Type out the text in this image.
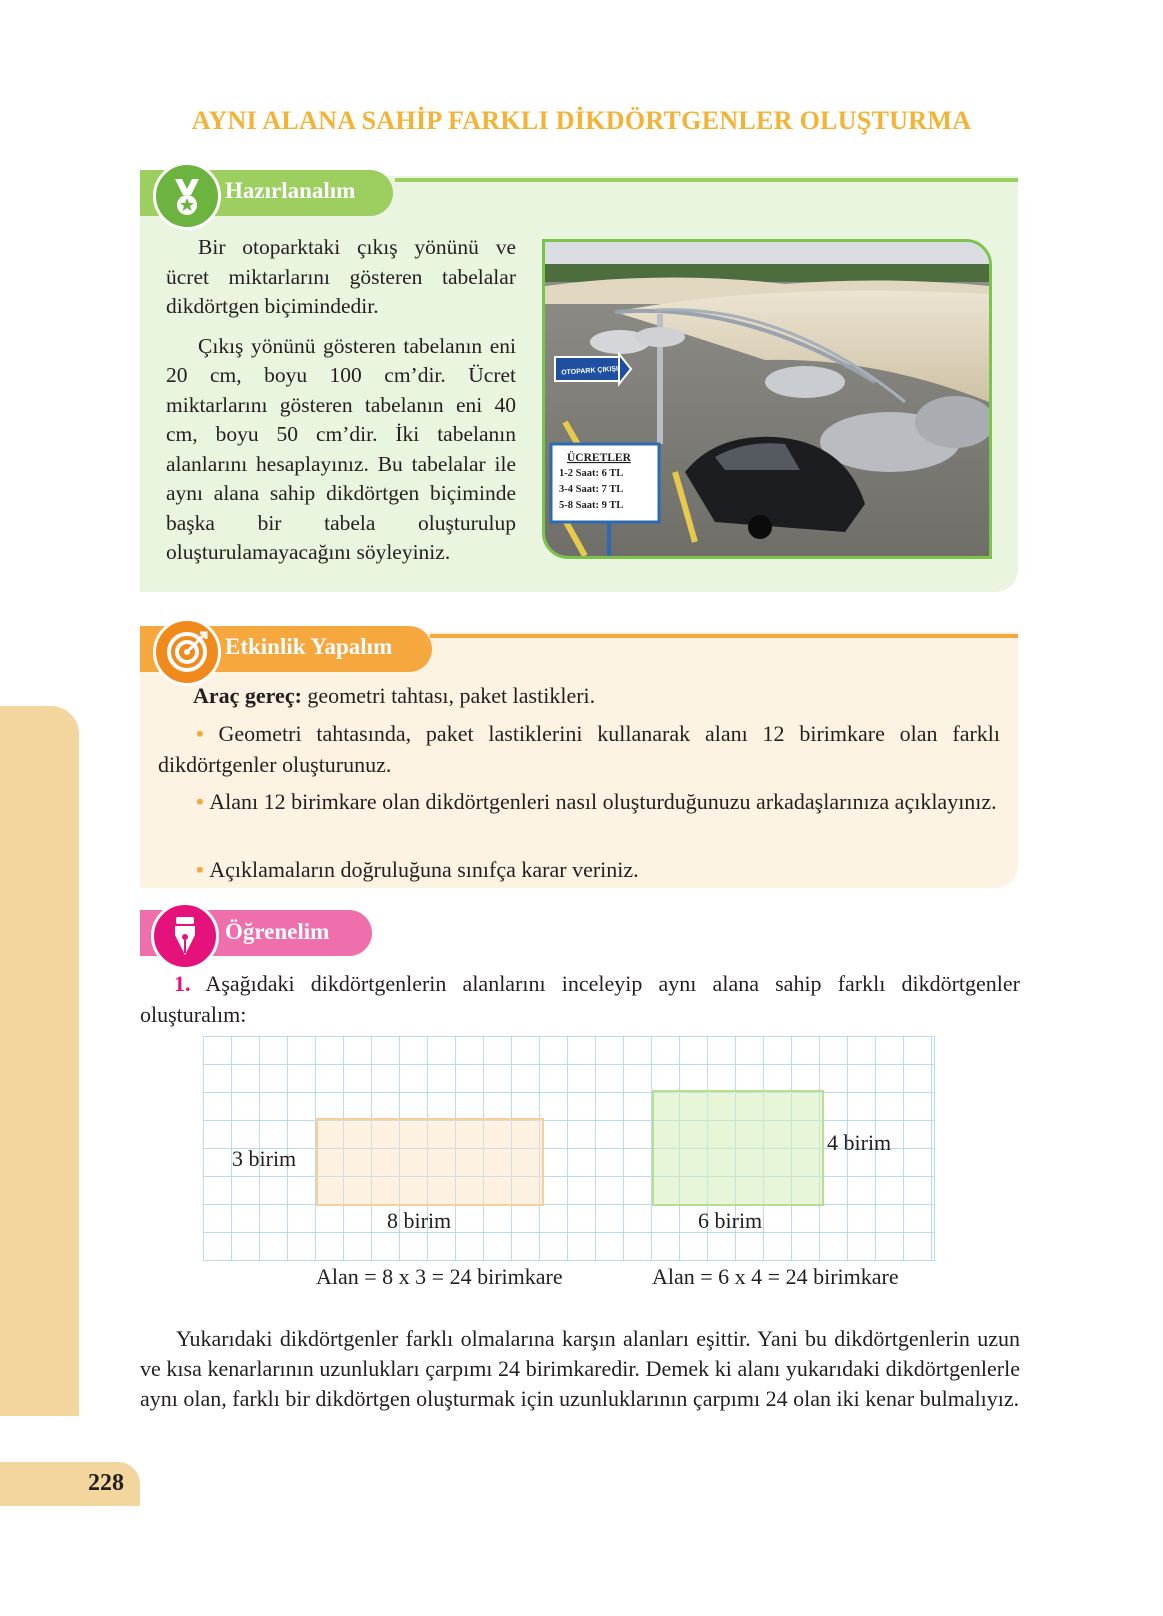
AYNI ALANA SAHİP FARKLI DİKDÖRTGENLER OLUŞTURMA
228
Hazırlanalım

Bir otoparktaki çıkış yönünü ve ücret miktarlarını gösteren tabelalar dikdörtgen biçimindedir.

Çıkış yönünü gösteren tabelanın eni 20 cm, boyu 100 cm’dir. Ücret miktarlarını gösteren tabelanın eni 40 cm, boyu 50 cm’dir. İki tabelanın alanlarını hesaplayınız. Bu tabelalar ile aynı alana sahip dikdörtgen biçiminde başka bir tabela oluşturulup oluşturulamayacağını söyleyiniz.

OTOPARK ÇIKIŞI
ÜCRETLER
1-2 Saat: 6 TL
3-4 Saat: 7 TL
5-8 Saat: 9 TL
Etkinlik Yapalım
Araç gereç: geometri tahtası, paket lastikleri.
• Geometri tahtasında, paket lastiklerini kullanarak alanı 12 birimkare olan farklı dikdörtgenler oluşturunuz.
• Alanı 12 birimkare olan dikdörtgenleri nasıl oluşturduğunuzu arkadaşlarınıza açıklayınız.
• Açıklamaların doğruluğuna sınıfça karar veriniz.
Öğrenelim
1. Aşağıdaki dikdörtgenlerin alanlarını inceleyip aynı alana sahip farklı dikdörtgenler oluşturalım:
3 birim
8 birim
4 birim
6 birim
Alan = 8 x 3 = 24 birimkare	Alan = 6 x 4 = 24 birimkare
Yukarıdaki dikdörtgenler farklı olmalarına karşın alanları eşittir. Yani bu dikdörtgenlerin uzun ve kısa kenarlarının uzunlukları çarpımı 24 birimkaredir. Demek ki alanı yukarıdaki dikdörtgenlerle aynı olan, farklı bir dikdörtgen oluşturmak için uzunluklarının çarpımı 24 olan iki kenar bulmalıyız.
